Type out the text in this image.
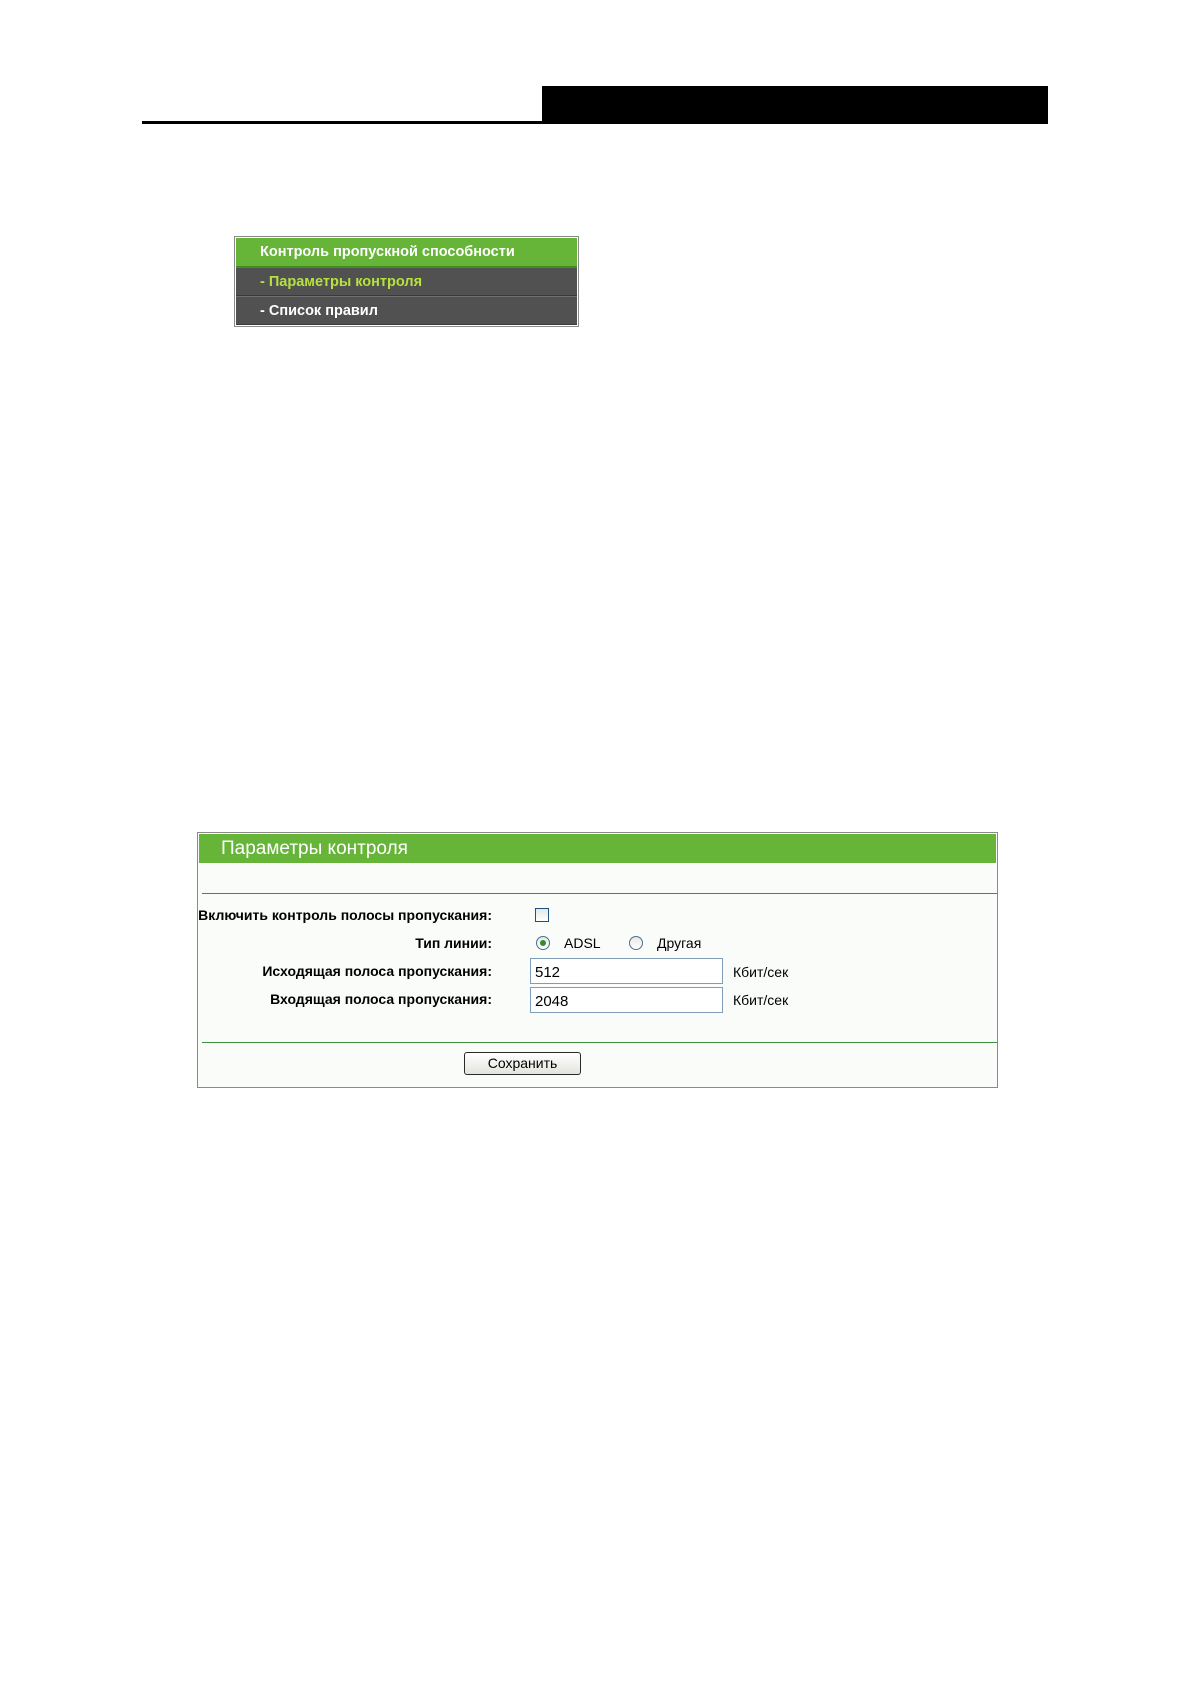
Контроль пропускной способности
- Параметры контроля
- Список правил
Параметры контроля
Включить контроль полосы пропускания:
Тип линии:	ADSL	Другая
Исходящая полоса пропускания:
512	Кбит/сек
Входящая полоса пропускания:
2048	Кбит/сек
Сохранить
